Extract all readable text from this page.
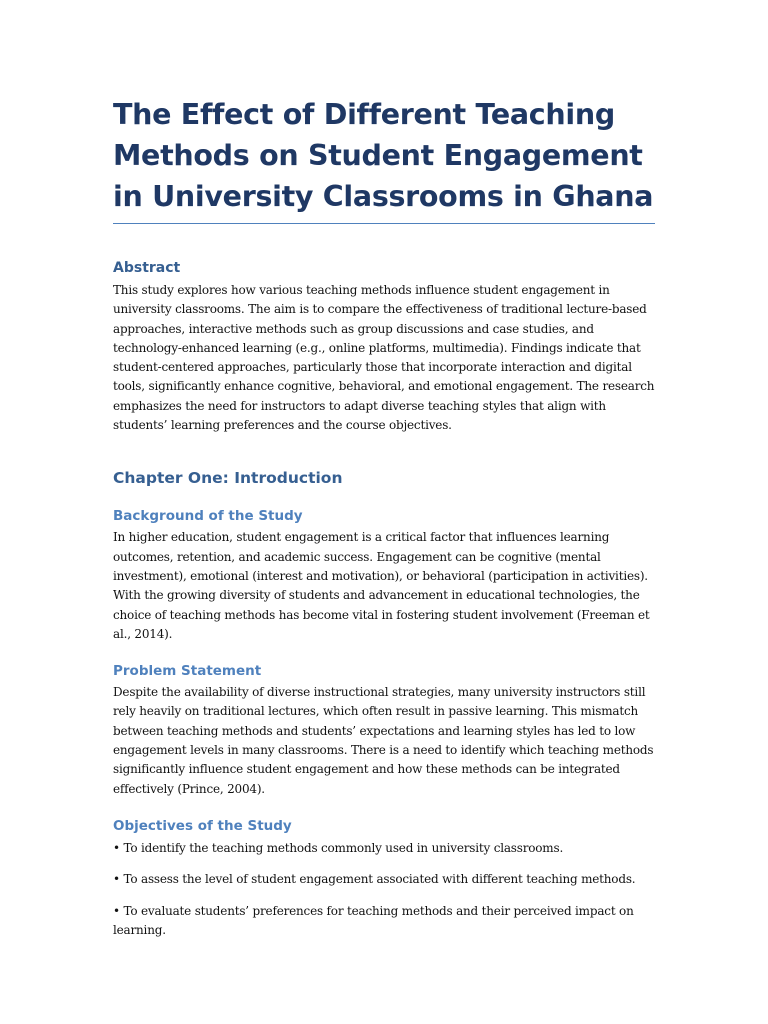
The Effect of Different Teaching Methods on Student Engagement in University Classrooms in Ghana
Abstract

This study explores how various teaching methods influence student engagement in university classrooms. The aim is to compare the effectiveness of traditional lecture-based approaches, interactive methods such as group discussions and case studies, and technology-enhanced learning (e.g., online platforms, multimedia). Findings indicate that student-centered approaches, particularly those that incorporate interaction and digital tools, significantly enhance cognitive, behavioral, and emotional engagement. The research emphasizes the need for instructors to adapt diverse teaching styles that align with students’ learning preferences and the course objectives.

Chapter One: Introduction
Background of the Study

In higher education, student engagement is a critical factor that influences learning outcomes, retention, and academic success. Engagement can be cognitive (mental investment), emotional (interest and motivation), or behavioral (participation in activities). With the growing diversity of students and advancement in educational technologies, the choice of teaching methods has become vital in fostering student involvement (Freeman et al., 2014).

Problem Statement

Despite the availability of diverse instructional strategies, many university instructors still rely heavily on traditional lectures, which often result in passive learning. This mismatch between teaching methods and students’ expectations and learning styles has led to low engagement levels in many classrooms. There is a need to identify which teaching methods significantly influence student engagement and how these methods can be integrated effectively (Prince, 2004).

Objectives of the Study

• To identify the teaching methods commonly used in university classrooms.

• To assess the level of student engagement associated with different teaching methods.

• To evaluate students’ preferences for teaching methods and their perceived impact on learning.
